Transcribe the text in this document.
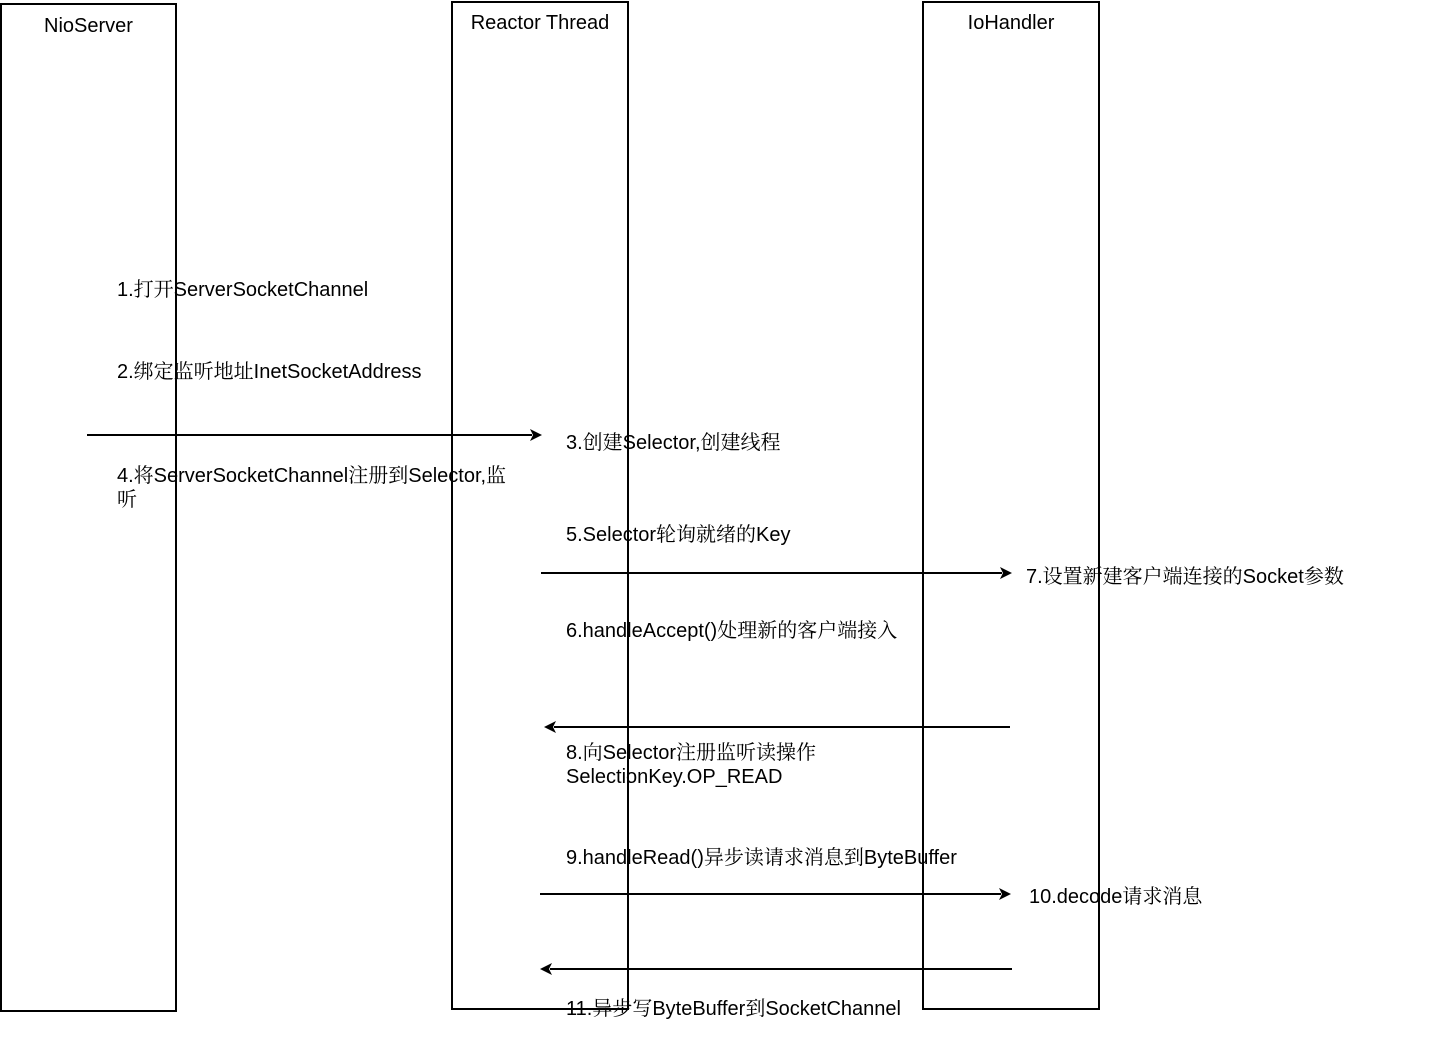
NioServer	Reactor Thread	IoHandler
1.打开ServerSocketChannel
2.绑定监听地址InetSocketAddress
3.创建Selector,创建线程
4.将ServerSocketChannel注册到Selector,监
听
5.Selector轮询就绪的Key
6.handleAccept()处理新的客户端接入
7.设置新建客户端连接的Socket参数
8.向Selector注册监听读操作
SelectionKey.OP_READ
9.handleRead()异步读请求消息到ByteBuffer
10.decode请求消息
11.异步写ByteBuffer到SocketChannel
